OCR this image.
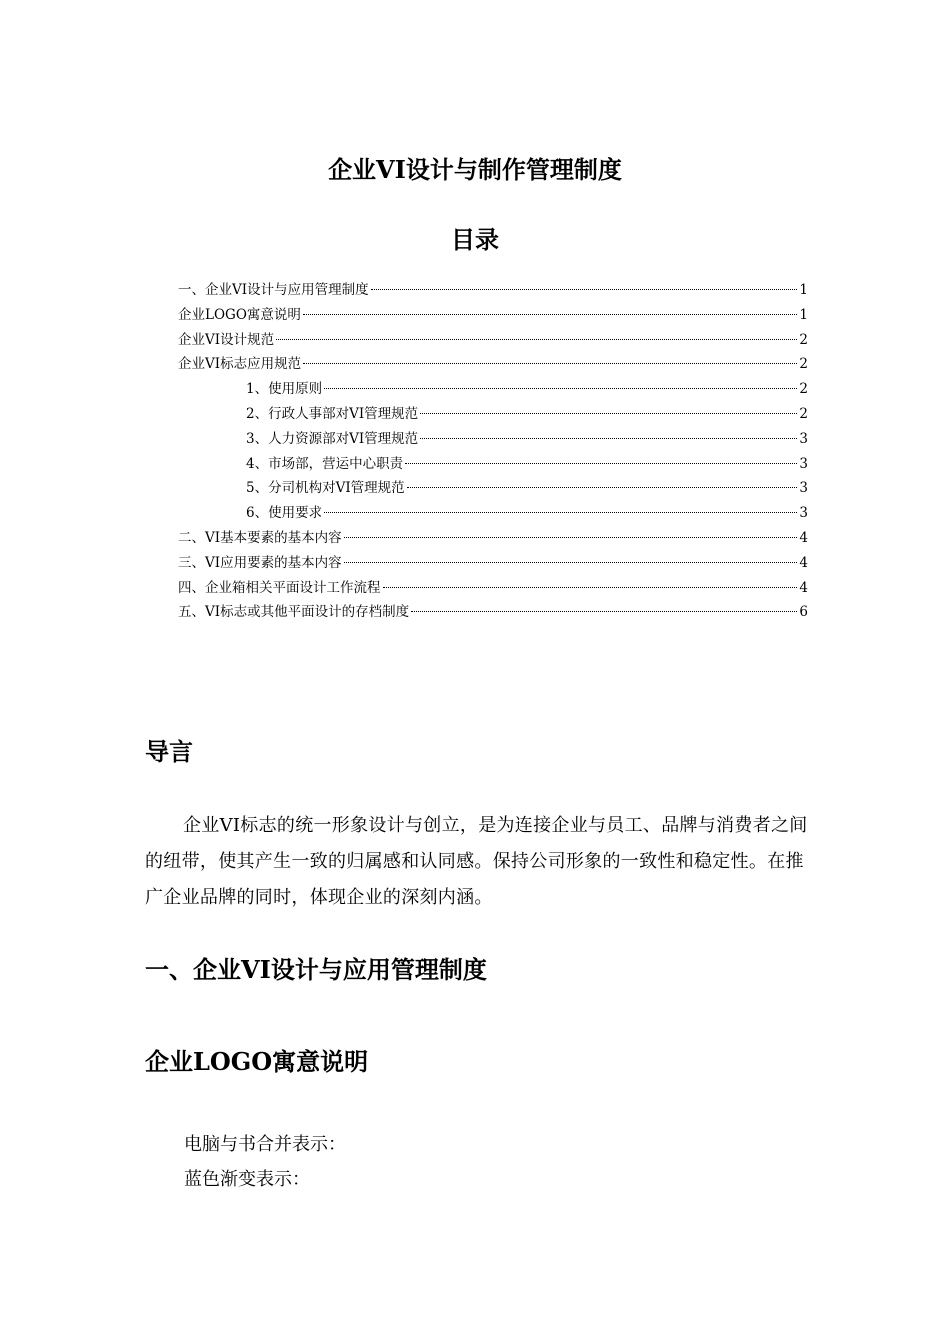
企业VI设计与制作管理制度
目录
一、企业VI设计与应用管理制度	1
企业LOGO寓意说明	1
企业VI设计规范	2
企业VI标志应用规范	2
1、使用原则	2
2、行政人事部对VI管理规范	2
3、人力资源部对VI管理规范	3
4、市场部，营运中心职责	3
5、分司机构对VI管理规范	3
6、使用要求	3
二、VI基本要素的基本内容	4
三、VI应用要素的基本内容	4
四、企业箱相关平面设计工作流程	4
五、VI标志或其他平面设计的存档制度	6
导言
企业VI标志的统一形象设计与创立，是为连接企业与员工、品牌与消费者之间的纽带，使其产生一致的归属感和认同感。保持公司形象的一致性和稳定性。在推广企业品牌的同时，体现企业的深刻内涵。
一、企业VI设计与应用管理制度
企业LOGO寓意说明
电脑与书合并表示：
蓝色渐变表示：
